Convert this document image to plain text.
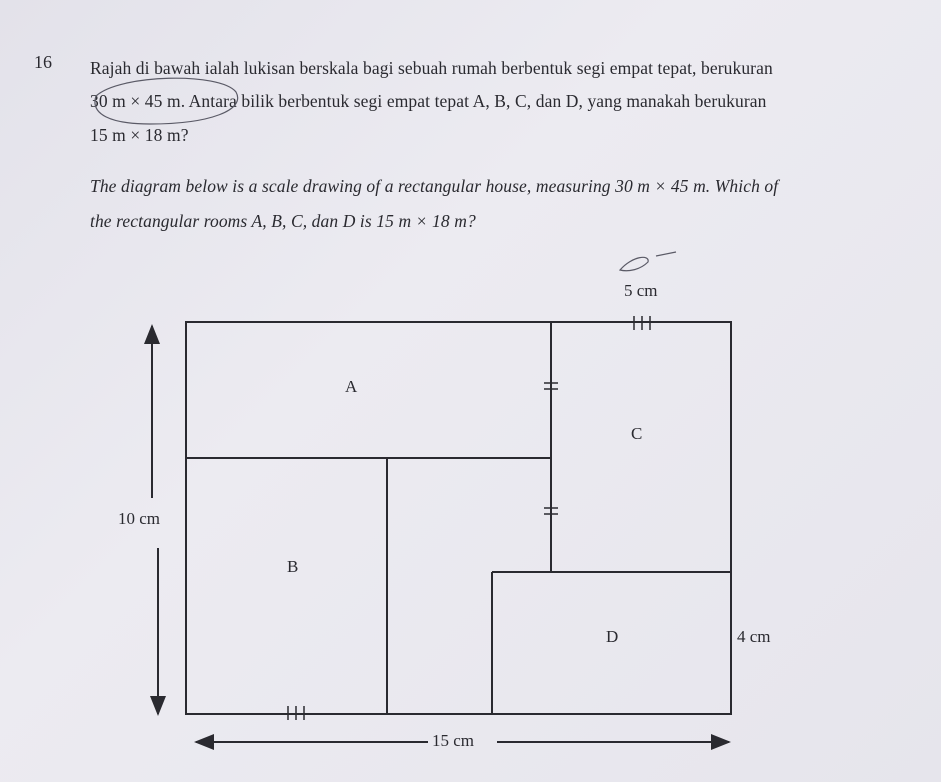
16 Rajah di bawah ialah lukisan berskala bagi sebuah rumah berbentuk segi empat tepat, berukuran
30 m × 45 m. Antara bilik berbentuk segi empat tepat A, B, C, dan D, yang manakah berukuran
15 m × 18 m?
The diagram below is a scale drawing of a rectangular house, measuring 30 m × 45 m. Which of
the rectangular rooms A, B, C, dan D is 15 m × 18 m?
5 cm
10 cm
4 cm
15 cm
A
B
C
D
